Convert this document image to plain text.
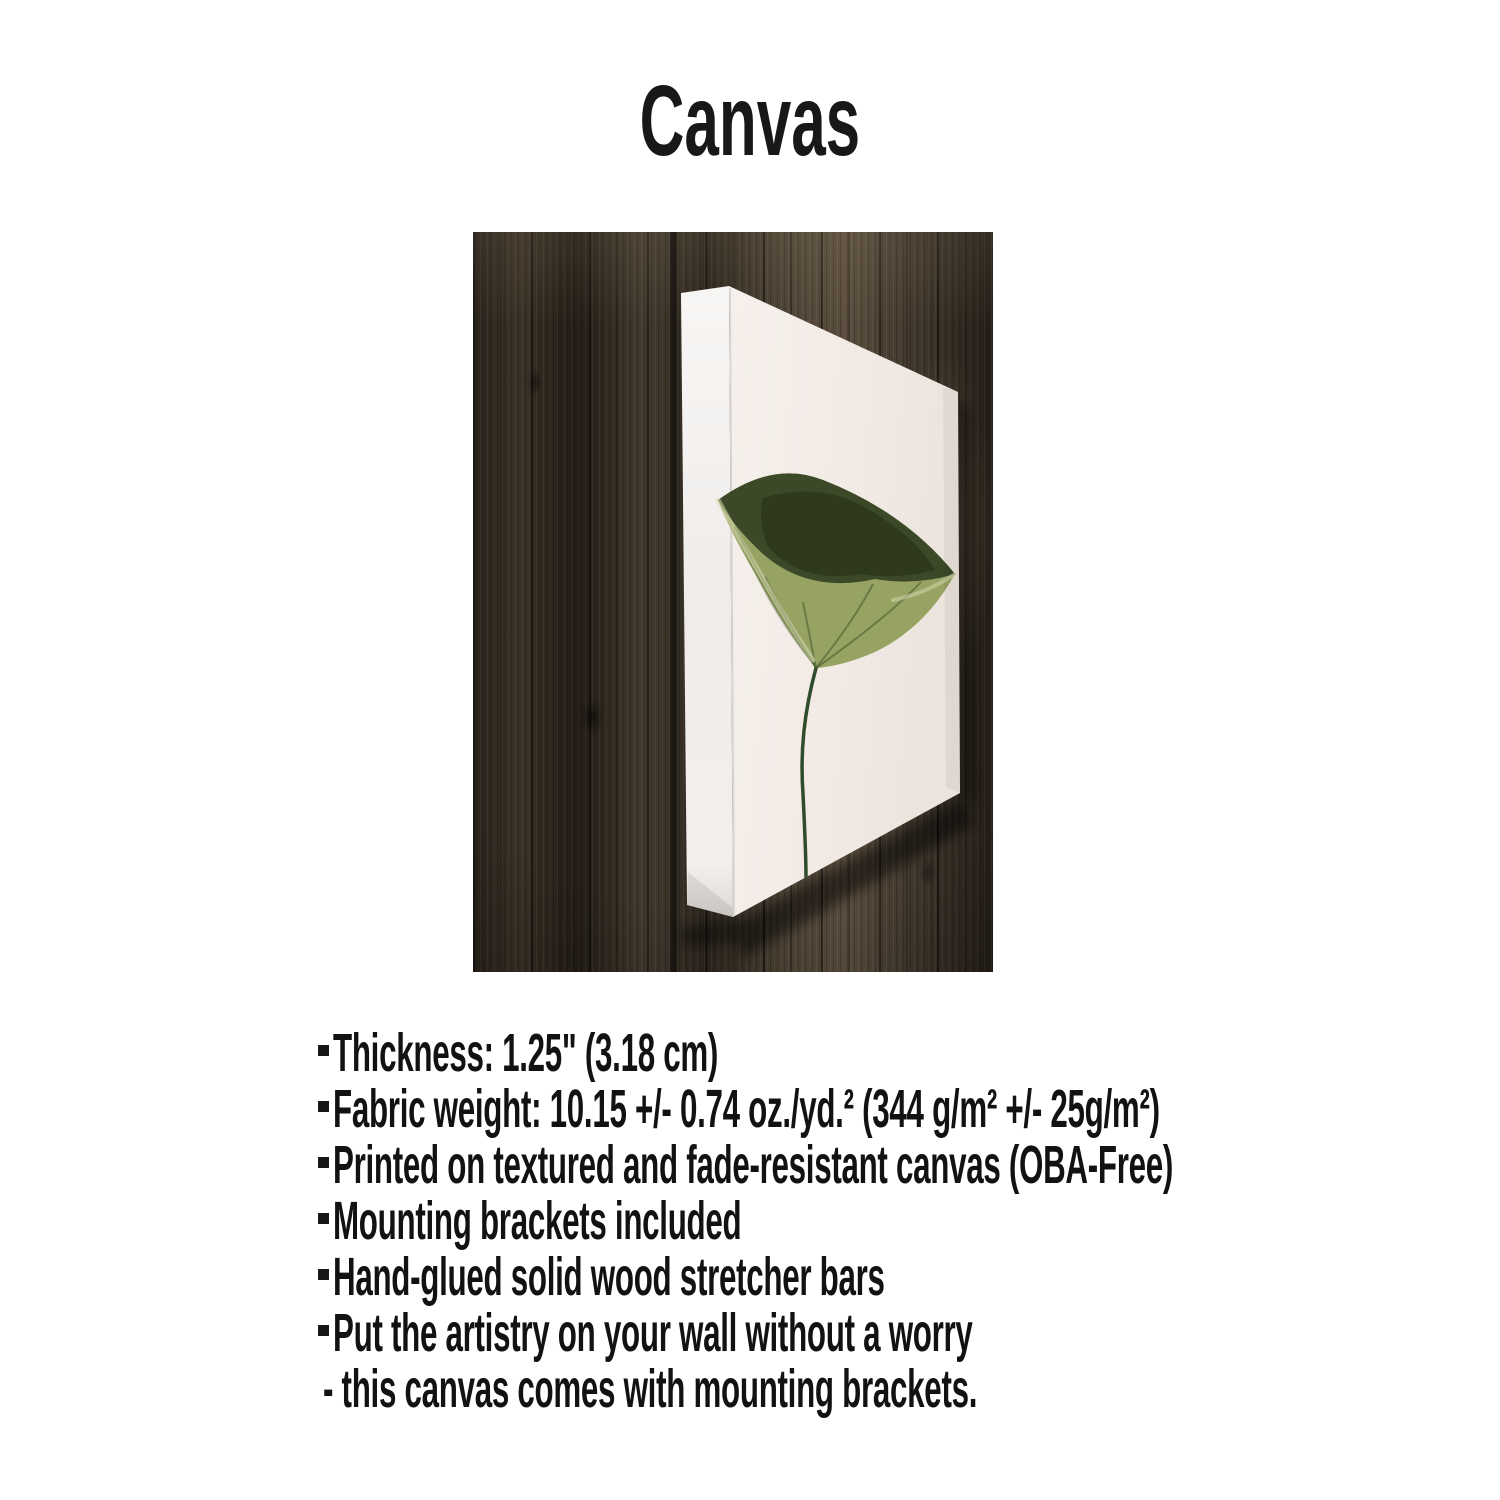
Canvas
Thickness: 1.25" (3.18 cm)
Fabric weight: 10.15 +/- 0.74 oz./yd.² (344 g/m² +/- 25g/m²)
Printed on textured and fade-resistant canvas (OBA-Free)
Mounting brackets included
Hand-glued solid wood stretcher bars
Put the artistry on your wall without a worry
- this canvas comes with mounting brackets.
